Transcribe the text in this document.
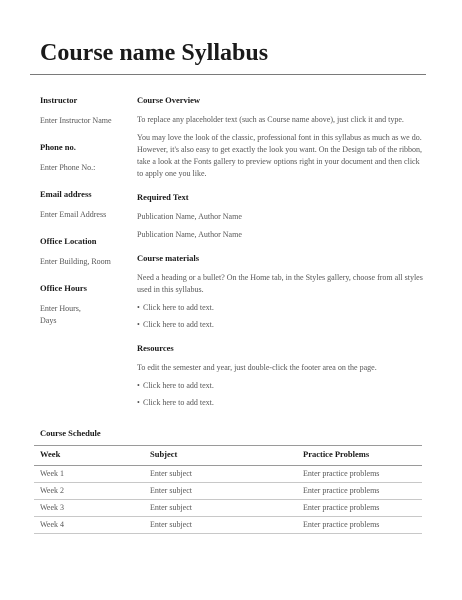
Course name Syllabus
Instructor
Enter Instructor Name
Phone no.
Enter Phone No.:
Email address
Enter Email Address
Office Location
Enter Building, Room
Office Hours
Enter Hours,
Days
Course Overview

To replace any placeholder text (such as Course name above), just click it and type.

You may love the look of the classic, professional font in this syllabus as much as we do. However, it's also easy to get exactly the look you want. On the Design tab of the ribbon, take a look at the Fonts gallery to preview options right in your document and then click to apply one you like.

Required Text

Publication Name, Author Name

Publication Name, Author Name

Course materials

Need a heading or a bullet? On the Home tab, in the Styles gallery, choose from all styles used in this syllabus.

• Click here to add text.
• Click here to add text.
Resources

To edit the semester and year, just double-click the footer area on the page.

• Click here to add text.
• Click here to add text.
Course Schedule
Week	Subject	Practice Problems
Week 1	Enter subject	Enter practice problems
Week 2	Enter subject	Enter practice problems
Week 3	Enter subject	Enter practice problems
Week 4	Enter subject	Enter practice problems
